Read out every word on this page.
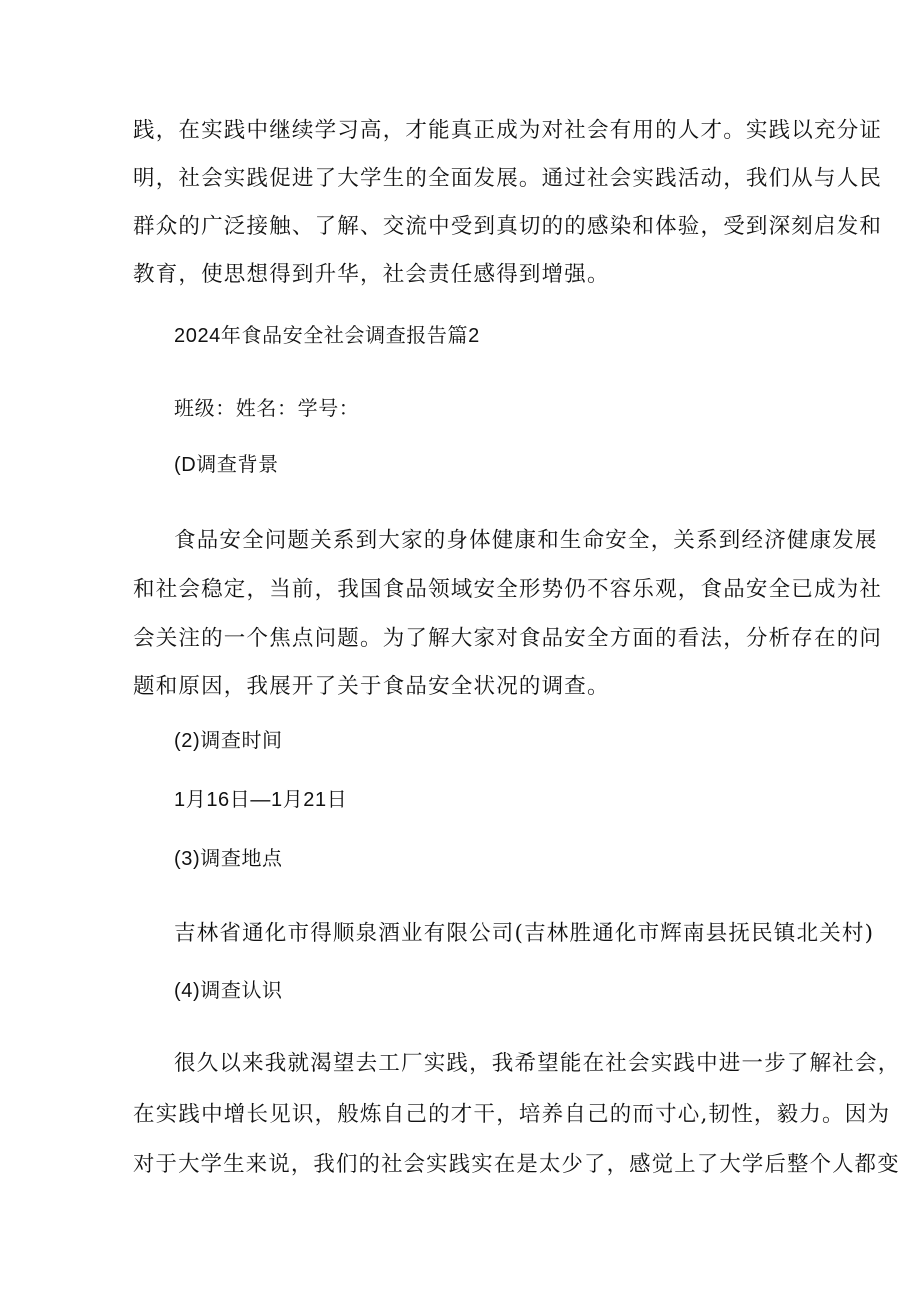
践，在实践中继续学习高，才能真正成为对社会有用的人才。实践以充分证
明，社会实践促进了大学生的全面发展。通过社会实践活动，我们从与人民
群众的广泛接触、了解、交流中受到真切的的感染和体验，受到深刻启发和
教育，使思想得到升华，社会责任感得到增强。
2024年食品安全社会调查报告篇2
班级：姓名：学号：
(D调查背景
食品安全问题关系到大家的身体健康和生命安全，关系到经济健康发展
和社会稳定，当前，我国食品领域安全形势仍不容乐观，食品安全已成为社
会关注的一个焦点问题。为了解大家对食品安全方面的看法，分析存在的问
题和原因，我展开了关于食品安全状况的调查。
(2)调查时间
1月16日—1月21日
(3)调查地点
吉林省通化市得顺泉酒业有限公司(吉林胜通化市辉南县抚民镇北关村)
(4)调查认识
很久以来我就渴望去工厂实践，我希望能在社会实践中进一步了解社会，
在实践中增长见识，般炼自己的才干，培养自己的而寸心,韧性，毅力。因为
对于大学生来说，我们的社会实践实在是太少了，感觉上了大学后整个人都变
